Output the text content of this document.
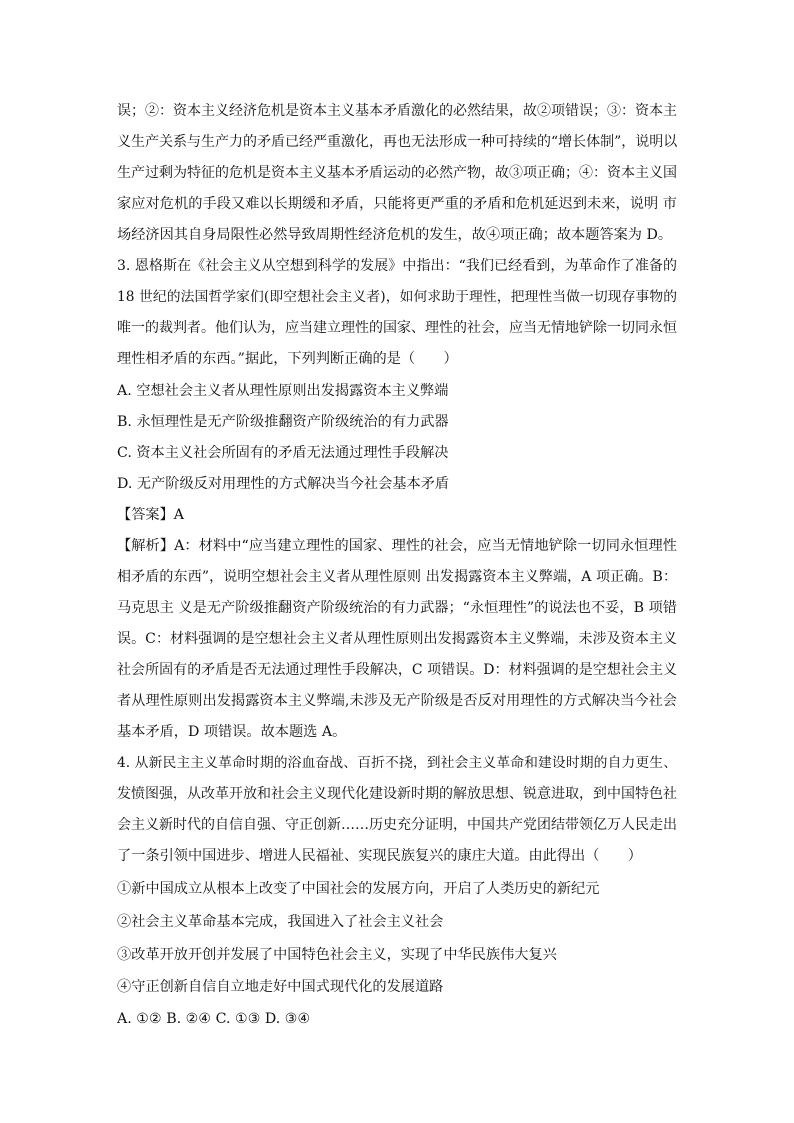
误；②：资本主义经济危机是资本主义基本矛盾激化的必然结果，故②项错误；③：资本主
义生产关系与生产力的矛盾已经严重激化，再也无法形成一种可持续的“增长体制”，说明以
生产过剩为特征的危机是资本主义基本矛盾运动的必然产物，故③项正确；④：资本主义国
家应对危机的手段又难以长期缓和矛盾，只能将更严重的矛盾和危机延迟到未来，说明 市
场经济因其自身局限性必然导致周期性经济危机的发生，故④项正确；故本题答案为 D。
3. 恩格斯在《社会主义从空想到科学的发展》中指出：“我们已经看到，为革命作了准备的
18 世纪的法国哲学家们(即空想社会主义者)，如何求助于理性，把理性当做一切现存事物的
唯一的裁判者。他们认为，应当建立理性的国家、理性的社会，应当无情地铲除一切同永恒
理性相矛盾的东西。”据此，下列判断正确的是（　　）
A. 空想社会主义者从理性原则出发揭露资本主义弊端
B. 永恒理性是无产阶级推翻资产阶级统治的有力武器
C. 资本主义社会所固有的矛盾无法通过理性手段解决
D. 无产阶级反对用理性的方式解决当今社会基本矛盾
【答案】A
【解析】A：材料中“应当建立理性的国家、理性的社会，应当无情地铲除一切同永恒理性
相矛盾的东西”，说明空想社会主义者从理性原则 出发揭露资本主义弊端，A 项正确。B：
马克思主 义是无产阶级推翻资产阶级统治的有力武器；“永恒理性”的说法也不妥，B 项错
误。C：材料强调的是空想社会主义者从理性原则出发揭露资本主义弊端，未涉及资本主义
社会所固有的矛盾是否无法通过理性手段解决，C 项错误。D：材料强调的是空想社会主义
者从理性原则出发揭露资本主义弊端,未涉及无产阶级是否反对用理性的方式解决当今社会
基本矛盾，D 项错误。故本题选 A。
4. 从新民主主义革命时期的浴血奋战、百折不挠，到社会主义革命和建设时期的自力更生、
发愤图强，从改革开放和社会主义现代化建设新时期的解放思想、锐意进取，到中国特色社
会主义新时代的自信自强、守正创新……历史充分证明，中国共产党团结带领亿万人民走出
了一条引领中国进步、增进人民福祉、实现民族复兴的康庄大道。由此得出（　　）
①新中国成立从根本上改变了中国社会的发展方向，开启了人类历史的新纪元
②社会主义革命基本完成，我国进入了社会主义社会
③改革开放开创并发展了中国特色社会主义，实现了中华民族伟大复兴
④守正创新自信自立地走好中国式现代化的发展道路
A. ①② B. ②④ C. ①③ D. ③④
